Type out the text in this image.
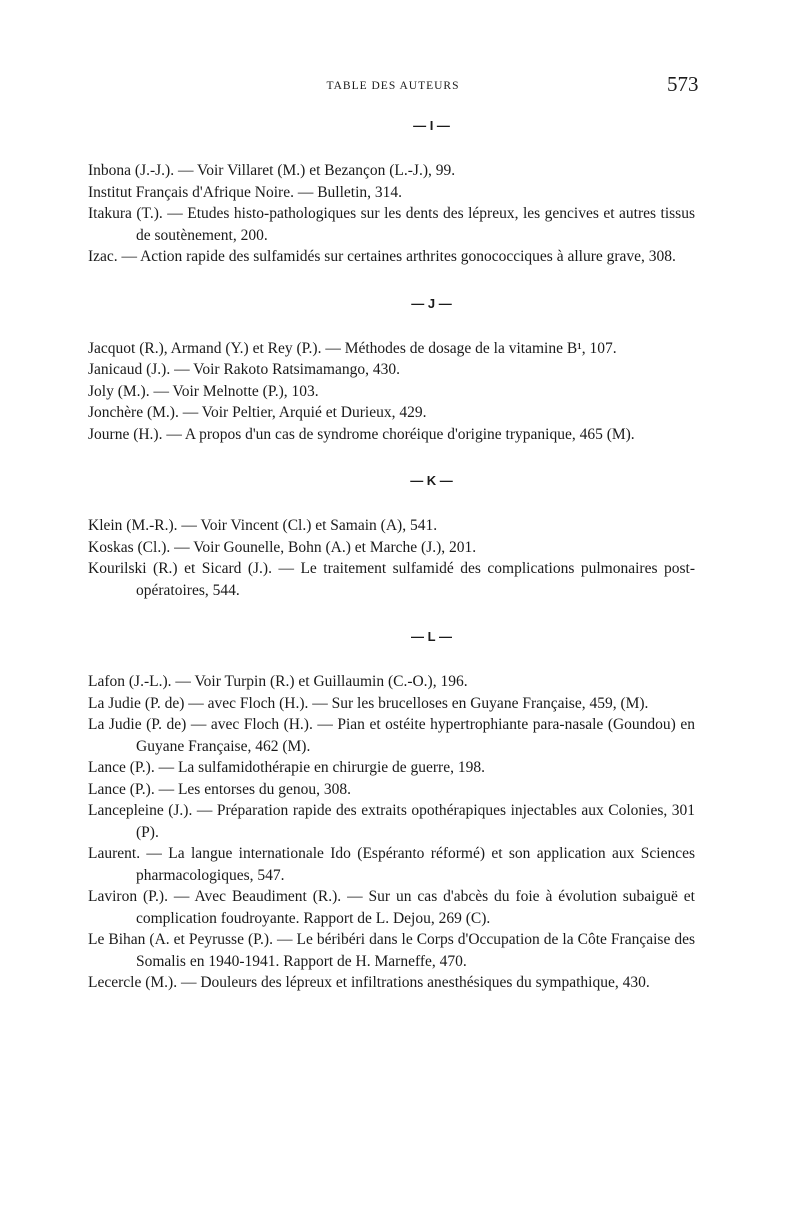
TABLE DES AUTEURS	573
— I —

Inbona (J.-J.). — Voir Villaret (M.) et Bezançon (L.-J.), 99.

Institut Français d'Afrique Noire. — Bulletin, 314.

Itakura (T.). — Etudes histo-pathologiques sur les dents des lépreux, les gencives et autres tissus de soutènement, 200.

Izac. — Action rapide des sulfamidés sur certaines arthrites gonococciques à allure grave, 308.

— J —

Jacquot (R.), Armand (Y.) et Rey (P.). — Méthodes de dosage de la vitamine B¹, 107.

Janicaud (J.). — Voir Rakoto Ratsimamango, 430.

Joly (M.). — Voir Melnotte (P.), 103.

Jonchère (M.). — Voir Peltier, Arquié et Durieux, 429.

Journe (H.). — A propos d'un cas de syndrome choréique d'origine trypanique, 465 (M).

— K —

Klein (M.-R.). — Voir Vincent (Cl.) et Samain (A), 541.

Koskas (Cl.). — Voir Gounelle, Bohn (A.) et Marche (J.), 201.

Kourilski (R.) et Sicard (J.). — Le traitement sulfamidé des complications pulmonaires post-opératoires, 544.

— L —

Lafon (J.-L.). — Voir Turpin (R.) et Guillaumin (C.-O.), 196.

La Judie (P. de) — avec Floch (H.). — Sur les brucelloses en Guyane Française, 459, (M).

La Judie (P. de) — avec Floch (H.). — Pian et ostéite hypertrophiante para-nasale (Goundou) en Guyane Française, 462 (M).

Lance (P.). — La sulfamidothérapie en chirurgie de guerre, 198.

Lance (P.). — Les entorses du genou, 308.

Lancepleine (J.). — Préparation rapide des extraits opothérapiques injectables aux Colonies, 301 (P).

Laurent. — La langue internationale Ido (Espéranto réformé) et son application aux Sciences pharmacologiques, 547.

Laviron (P.). — Avec Beaudiment (R.). — Sur un cas d'abcès du foie à évolution subaiguë et complication foudroyante. Rapport de L. Dejou, 269 (C).

Le Bihan (A. et Peyrusse (P.). — Le béribéri dans le Corps d'Occupation de la Côte Française des Somalis en 1940-1941. Rapport de H. Marneffe, 470.

Lecercle (M.). — Douleurs des lépreux et infiltrations anesthésiques du sympathique, 430.
